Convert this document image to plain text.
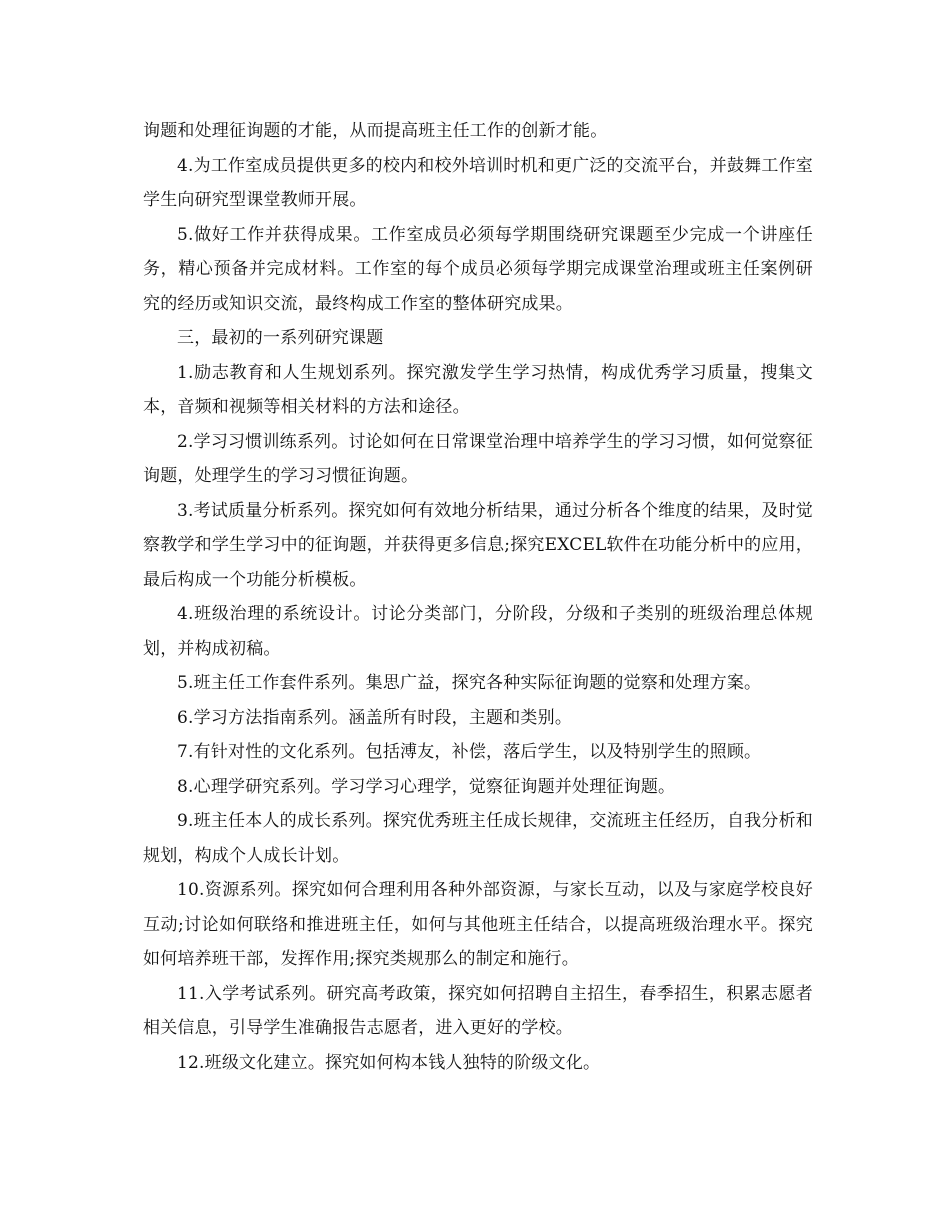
询题和处理征询题的才能，从而提高班主任工作的创新才能。

4.为工作室成员提供更多的校内和校外培训时机和更广泛的交流平台，并鼓舞工作室学生向研究型课堂教师开展。

5.做好工作并获得成果。工作室成员必须每学期围绕研究课题至少完成一个讲座任务，精心预备并完成材料。工作室的每个成员必须每学期完成课堂治理或班主任案例研究的经历或知识交流，最终构成工作室的整体研究成果。

三，最初的一系列研究课题

1.励志教育和人生规划系列。探究激发学生学习热情，构成优秀学习质量，搜集文本，音频和视频等相关材料的方法和途径。

2.学习习惯训练系列。讨论如何在日常课堂治理中培养学生的学习习惯，如何觉察征询题，处理学生的学习习惯征询题。

3.考试质量分析系列。探究如何有效地分析结果，通过分析各个维度的结果，及时觉察教学和学生学习中的征询题，并获得更多信息;探究EXCEL软件在功能分析中的应用，最后构成一个功能分析模板。

4.班级治理的系统设计。讨论分类部门，分阶段，分级和子类别的班级治理总体规划，并构成初稿。

5.班主任工作套件系列。集思广益，探究各种实际征询题的觉察和处理方案。

6.学习方法指南系列。涵盖所有时段，主题和类别。

7.有针对性的文化系列。包括溥友，补偿，落后学生，以及特别学生的照顾。

8.心理学研究系列。学习学习心理学，觉察征询题并处理征询题。

9.班主任本人的成长系列。探究优秀班主任成长规律，交流班主任经历，自我分析和规划，构成个人成长计划。

10.资源系列。探究如何合理利用各种外部资源，与家长互动，以及与家庭学校良好互动;讨论如何联络和推进班主任，如何与其他班主任结合，以提高班级治理水平。探究如何培养班干部，发挥作用;探究类规那么的制定和施行。

11.入学考试系列。研究高考政策，探究如何招聘自主招生，春季招生，积累志愿者相关信息，引导学生准确报告志愿者，进入更好的学校。

12.班级文化建立。探究如何构本钱人独特的阶级文化。
